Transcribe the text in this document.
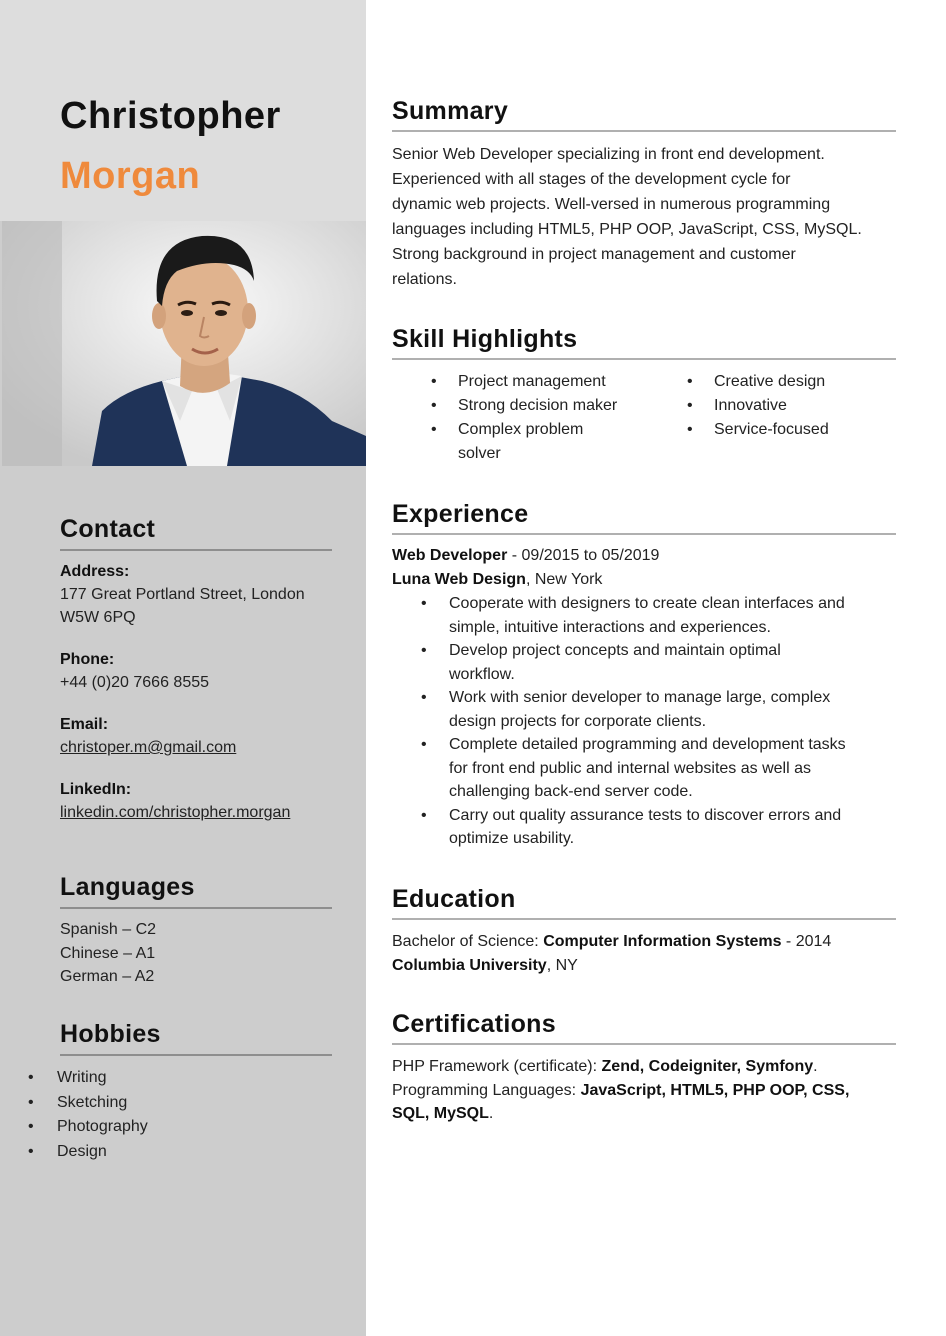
Christopher
Morgan
Contact
Address:
177 Great Portland Street, London
W5W 6PQ
Phone:
+44 (0)20 7666 8555
Email:
christoper.m@gmail.com
LinkedIn:
linkedin.com/christopher.morgan
Languages
Spanish – C2
Chinese – A1
German – A2
Hobbies
• Writing
• Sketching
• Photography
• Design
Summary
Senior Web Developer specializing in front end development.
Experienced with all stages of the development cycle for
dynamic web projects. Well-versed in numerous programming
languages including HTML5, PHP OOP, JavaScript, CSS, MySQL.
Strong background in project management and customer
relations.
Skill Highlights
• Project management
• Strong decision maker
• Complex problem solver
• Creative design
• Innovative
• Service-focused
Experience
Web Developer - 09/2015 to 05/2019
Luna Web Design, New York
• Cooperate with designers to create clean interfaces and
simple, intuitive interactions and experiences.
• Develop project concepts and maintain optimal
workflow.
• Work with senior developer to manage large, complex
design projects for corporate clients.
• Complete detailed programming and development tasks
for front end public and internal websites as well as
challenging back-end server code.
• Carry out quality assurance tests to discover errors and
optimize usability.
Education
Bachelor of Science: Computer Information Systems - 2014
Columbia University, NY
Certifications
PHP Framework (certificate): Zend, Codeigniter, Symfony.
Programming Languages: JavaScript, HTML5, PHP OOP, CSS,
SQL, MySQL.
